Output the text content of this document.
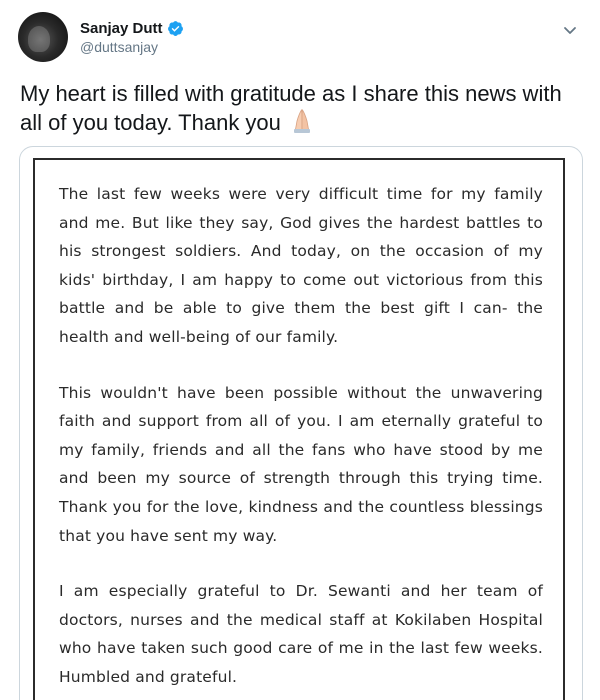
Sanjay Dutt
@duttsanjay
My heart is filled with gratitude as I share this news with all of you today. Thank you

The last few weeks were very difficult time for my family and me. But like they say, God gives the hardest battles to his strongest soldiers. And today, on the occasion of my kids' birthday, I am happy to come out victorious from this battle and be able to give them the best gift I can- the health and well-being of our family.

This wouldn't have been possible without the unwavering faith and support from all of you. I am eternally grateful to my family, friends and all the fans who have stood by me and been my source of strength through this trying time. Thank you for the love, kindness and the countless blessings that you have sent my way.

I am especially grateful to Dr. Sewanti and her team of doctors, nurses and the medical staff at Kokilaben Hospital who have taken such good care of me in the last few weeks. Humbled and grateful.
